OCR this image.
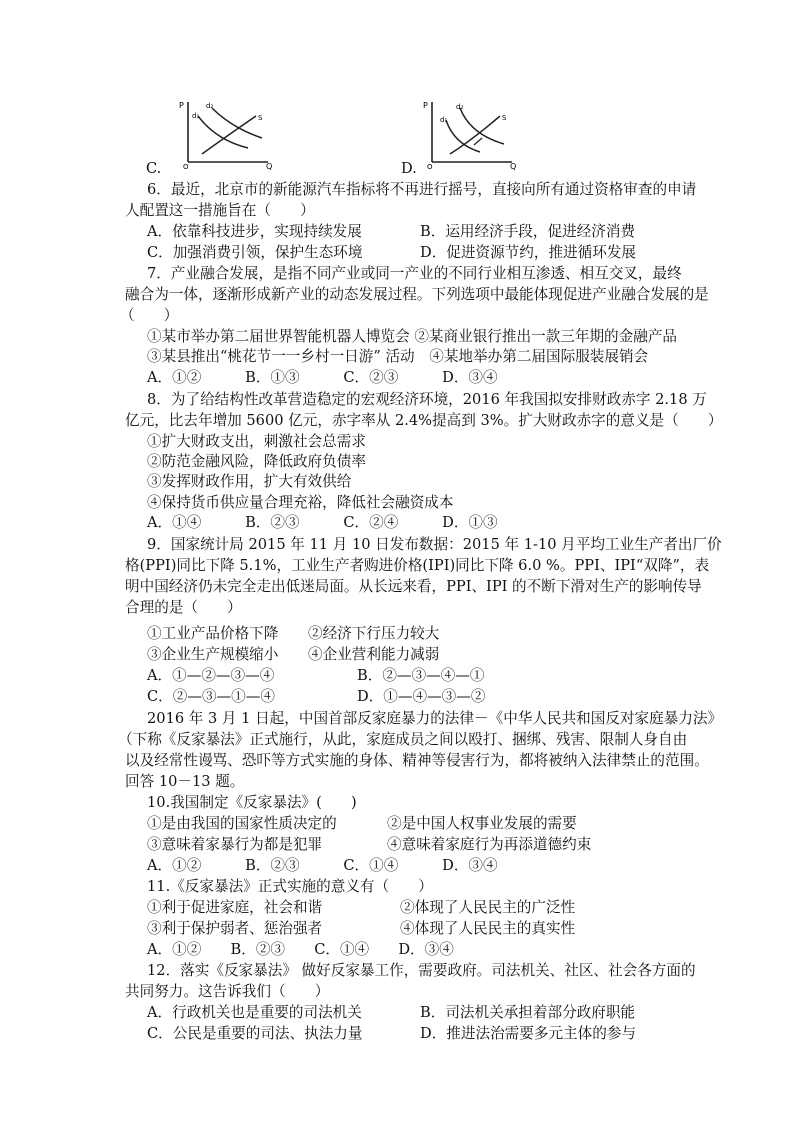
P
Q
O
d₁
d₂
S
C.
P
Q
O
d₁
d₂
S
D.
6．最近，北京市的新能源汽车指标将不再进行摇号，直接向所有通过资格审查的申请
人配置这一措施旨在（　　）
A．依靠科技进步，实现持续发展	B．运用经济手段，促进经济消费
C．加强消费引领，保护生态环境	D．促进资源节约，推进循环发展
7．产业融合发展，是指不同产业或同一产业的不同行业相互渗透、相互交叉，最终
融合为一体，逐渐形成新产业的动态发展过程。下列选项中最能体现促进产业融合发展的是
（　　）
①某市举办第二届世界智能机器人博览会 ②某商业银行推出一款三年期的金融产品
③某县推出“桃花节一一乡村一日游” 活动　④某地举办第二届国际服装展销会
A．①②　　　B．①③　　　C．②③　　　D．③④
8．为了给结构性改革营造稳定的宏观经济环境，2016 年我国拟安排财政赤字 2.18 万
亿元，比去年增加 5600 亿元，赤字率从 2.4%提高到 3%。扩大财政赤字的意义是（　　）
①扩大财政支出，刺激社会总需求
②防范金融风险，降低政府负债率
③发挥财政作用，扩大有效供给
④保持货币供应量合理充裕，降低社会融资成本
A．①④　　　B．②③　　　C．②④　　　D．①③
9．国家统计局 2015 年 11 月 10 日发布数据：2015 年 1-10 月平均工业生产者出厂价
格(PPI)同比下降 5.1%，工业生产者购进价格(IPI)同比下降 6.0 %。PPI、IPI“双降”，表
明中国经济仍未完全走出低迷局面。从长远来看，PPI、IPI 的不断下滑对生产的影响传导
合理的是（　　）
①工业产品价格下降 ②经济下行压力较大
③企业生产规模缩小 ④企业营利能力减弱
A．①—②—③—④	B．②—③—④—①
C．②—③—①—④	D．①—④—③—②
2016 年 3 月 1 日起，中国首部反家庭暴力的法律－《中华人民共和国反对家庭暴力法》
（下称《反家暴法》正式施行，从此，家庭成员之间以殴打、捆绑、残害、限制人身自由
以及经常性谩骂、恐吓等方式实施的身体、精神等侵害行为，都将被纳入法律禁止的范围。
回答 10－13 题。
10.我国制定《反家暴法》(　　)
①是由我国的国家性质决定的	②是中国人权事业发展的需要
③意味着家暴行为都是犯罪	④意味着家庭行为再添道德约束
A．①②　　　B．②③　　　C．①④　　　D．③④
11.《反家暴法》正式实施的意义有（　　）
①利于促进家庭，社会和谐	②体现了人民民主的广泛性
③利于保护弱者、惩治强者	④体现了人民民主的真实性
A．①②　　B．②③　　C．①④　　D．③④
12．落实《反家暴法》 做好反家暴工作，需要政府。司法机关、社区、社会各方面的
共同努力。这告诉我们（　　）
A．行政机关也是重要的司法机关	B．司法机关承担着部分政府职能
C．公民是重要的司法、执法力量	D．推进法治需要多元主体的参与
